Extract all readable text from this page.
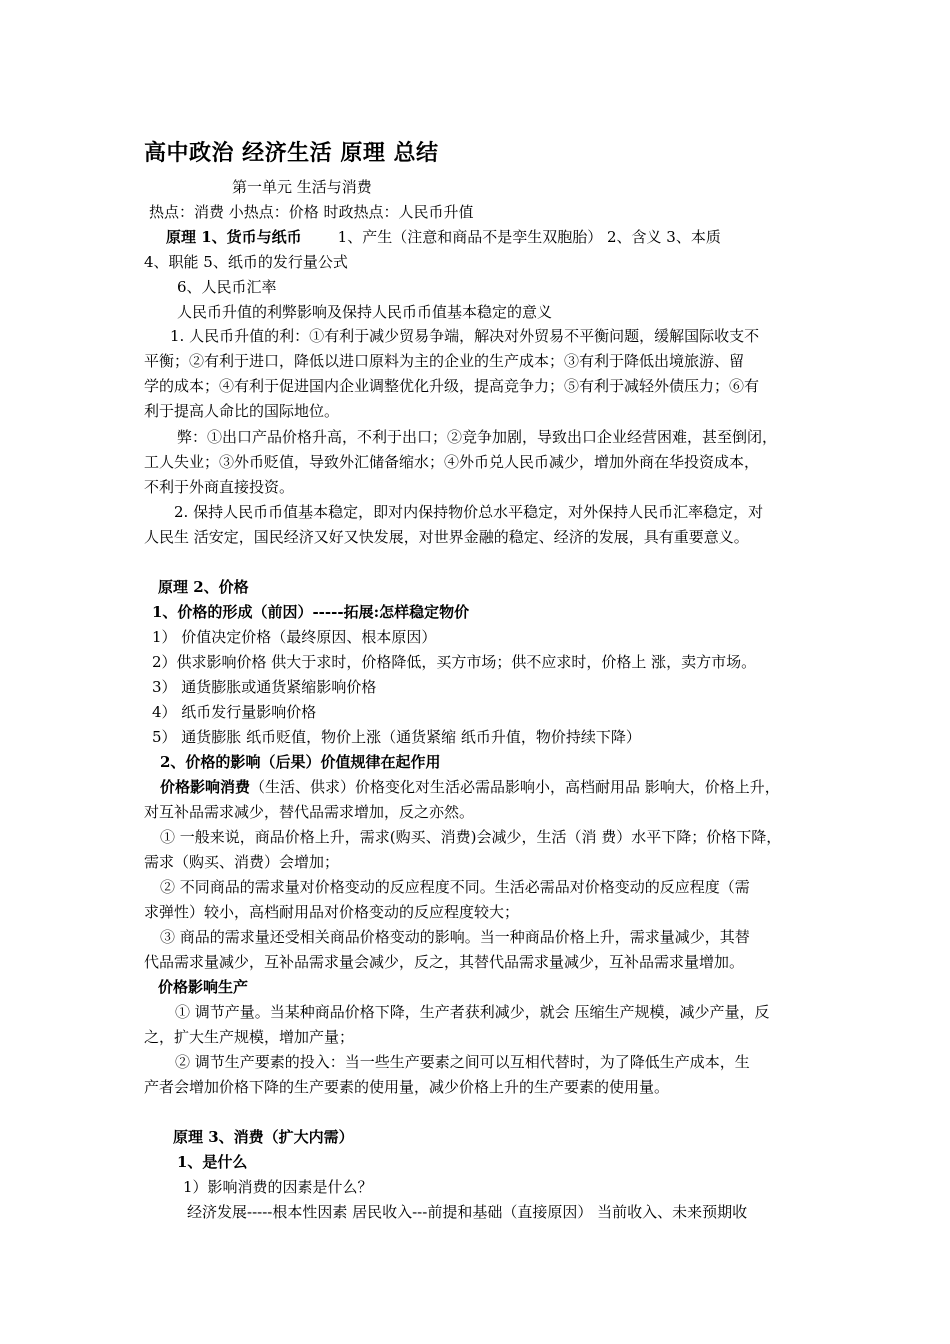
高中政治 经济生活 原理 总结
第一单元 生活与消费
热点：消费 小热点：价格 时政热点：人民币升值
原理 1、货币与纸币 1、产生（注意和商品不是孪生双胞胎） 2、含义 3、本质
4、职能 5、纸币的发行量公式
6、人民币汇率
人民币升值的利弊影响及保持人民币币值基本稳定的意义
1. 人民币升值的利：①有利于减少贸易争端，解决对外贸易不平衡问题，缓解国际收支不
平衡；②有利于进口，降低以进口原料为主的企业的生产成本；③有利于降低出境旅游、留
学的成本；④有利于促进国内企业调整优化升级，提高竞争力；⑤有利于减轻外债压力；⑥有
利于提高人命比的国际地位。
弊：①出口产品价格升高，不利于出口；②竞争加剧，导致出口企业经营困难，甚至倒闭，
工人失业；③外币贬值，导致外汇储备缩水；④外币兑人民币减少，增加外商在华投资成本，
不利于外商直接投资。
2. 保持人民币币值基本稳定，即对内保持物价总水平稳定，对外保持人民币汇率稳定，对
人民生 活安定，国民经济又好又快发展，对世界金融的稳定、经济的发展，具有重要意义。
原理 2、价格
1、价格的形成（前因）-----拓展:怎样稳定物价
1） 价值决定价格（最终原因、根本原因）
2）供求影响价格 供大于求时，价格降低，买方市场；供不应求时，价格上 涨，卖方市场。
3） 通货膨胀或通货紧缩影响价格
4） 纸币发行量影响价格
5） 通货膨胀 纸币贬值，物价上涨（通货紧缩 纸币升值，物价持续下降）
2、价格的影响（后果）价值规律在起作用
价格影响消费（生活、供求）价格变化对生活必需品影响小，高档耐用品 影响大，价格上升，
对互补品需求减少，替代品需求增加，反之亦然。
① 一般来说，商品价格上升，需求(购买、消费)会减少，生活（消 费）水平下降；价格下降，
需求（购买、消费）会增加；
② 不同商品的需求量对价格变动的反应程度不同。生活必需品对价格变动的反应程度（需
求弹性）较小，高档耐用品对价格变动的反应程度较大；
③ 商品的需求量还受相关商品价格变动的影响。当一种商品价格上升，需求量减少，其替
代品需求量减少，互补品需求量会减少，反之，其替代品需求量减少，互补品需求量增加。
价格影响生产
① 调节产量。当某种商品价格下降，生产者获利减少，就会 压缩生产规模，减少产量，反
之，扩大生产规模，增加产量；
② 调节生产要素的投入：当一些生产要素之间可以互相代替时，为了降低生产成本，生
产者会增加价格下降的生产要素的使用量，减少价格上升的生产要素的使用量。
原理 3、消费（扩大内需）
1、是什么
1）影响消费的因素是什么？
经济发展-----根本性因素 居民收入---前提和基础（直接原因） 当前收入、未来预期收
